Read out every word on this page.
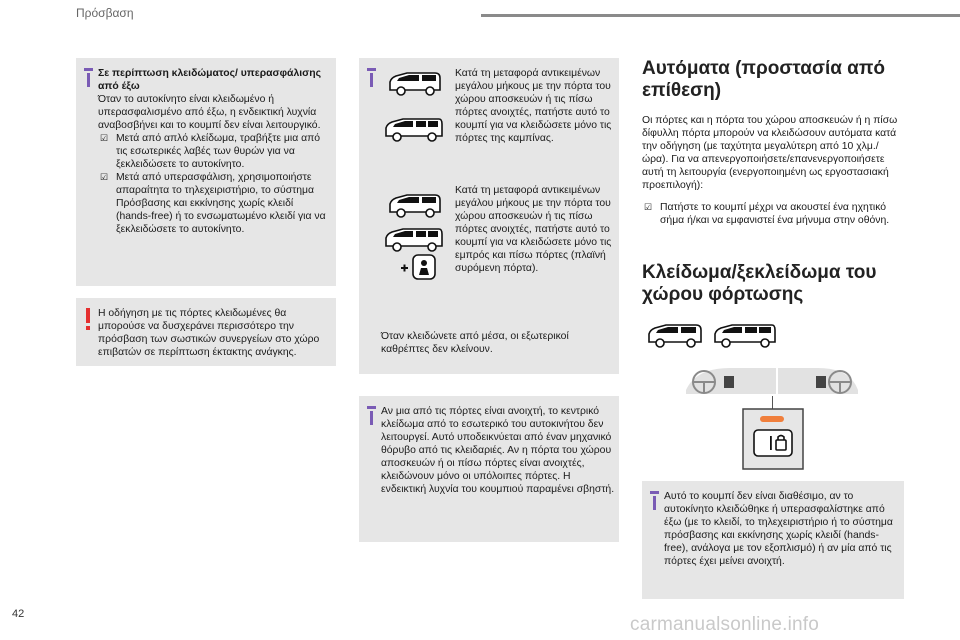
Πρόσβαση

Σε περίπτωση κλειδώματος/ υπερασφάλισης από έξω

Όταν το αυτοκίνητο είναι κλειδωμένο ή υπερασφαλισμένο από έξω, η ενδεικτική λυχνία αναβοσβήνει και το κουμπί δεν είναι λειτουργικό.

☑ Μετά από απλό κλείδωμα, τραβήξτε μια από τις εσωτερικές λαβές των θυρών για να ξεκλειδώσετε το αυτοκίνητο.
☑ Μετά από υπερασφάλιση, χρησιμοποιήστε απαραίτητα το τηλεχειριστήριο, το σύστημα Πρόσβασης και εκκίνησης χωρίς κλειδί (hands-free) ή το ενσωματωμένο κλειδί για να ξεκλειδώσετε το αυτοκίνητο.

Η οδήγηση με τις πόρτες κλειδωμένες θα μπορούσε να δυσχεράνει περισσότερο την πρόσβαση των σωστικών συνεργείων στο χώρο επιβατών σε περίπτωση έκτακτης ανάγκης.

Κατά τη μεταφορά αντικειμένων μεγάλου μήκους με την πόρτα του χώρου αποσκευών ή τις πίσω πόρτες ανοιχτές, πατήστε αυτό το κουμπί για να κλειδώσετε μόνο τις πόρτες της καμπίνας.

Κατά τη μεταφορά αντικειμένων μεγάλου μήκους με την πόρτα του χώρου αποσκευών ή τις πίσω πόρτες ανοιχτές, πατήστε αυτό το κουμπί για να κλειδώσετε μόνο τις εμπρός και πίσω πόρτες (πλαϊνή συρόμενη πόρτα).

Όταν κλειδώνετε από μέσα, οι εξωτερικοί καθρέπτες δεν κλείνουν.

Αν μια από τις πόρτες είναι ανοιχτή, το κεντρικό κλείδωμα από το εσωτερικό του αυτοκινήτου δεν λειτουργεί. Αυτό υποδεικνύεται από έναν μηχανικό θόρυβο από τις κλειδαριές. Αν η πόρτα του χώρου αποσκευών ή οι πίσω πόρτες είναι ανοιχτές, κλειδώνουν μόνο οι υπόλοιπες πόρτες. Η ενδεικτική λυχνία του κουμπιού παραμένει σβηστή.

Αυτόματα (προστασία από επίθεση)

Οι πόρτες και η πόρτα του χώρου αποσκευών ή η πίσω δίφυλλη πόρτα μπορούν να κλειδώσουν αυτόματα κατά την οδήγηση (με ταχύτητα μεγαλύτερη από 10 χλμ./ώρα). Για να απενεργοποιήσετε/επανενεργοποιήσετε αυτή τη λειτουργία (ενεργοποιημένη ως εργοστασιακή προεπιλογή):

☑ Πατήστε το κουμπί μέχρι να ακουστεί ένα ηχητικό σήμα ή/και να εμφανιστεί ένα μήνυμα στην οθόνη.
Κλείδωμα/ξεκλείδωμα του χώρου φόρτωσης

Αυτό το κουμπί δεν είναι διαθέσιμο, αν το αυτοκίνητο κλειδώθηκε ή υπερασφαλίστηκε από έξω (με το κλειδί, το τηλεχειριστήριο ή το σύστημα πρόσβασης και εκκίνησης χωρίς κλειδί (hands-free), ανάλογα με τον εξοπλισμό) ή αν μία από τις πόρτες έχει μείνει ανοιχτή.

42	carmanualsonline.info
